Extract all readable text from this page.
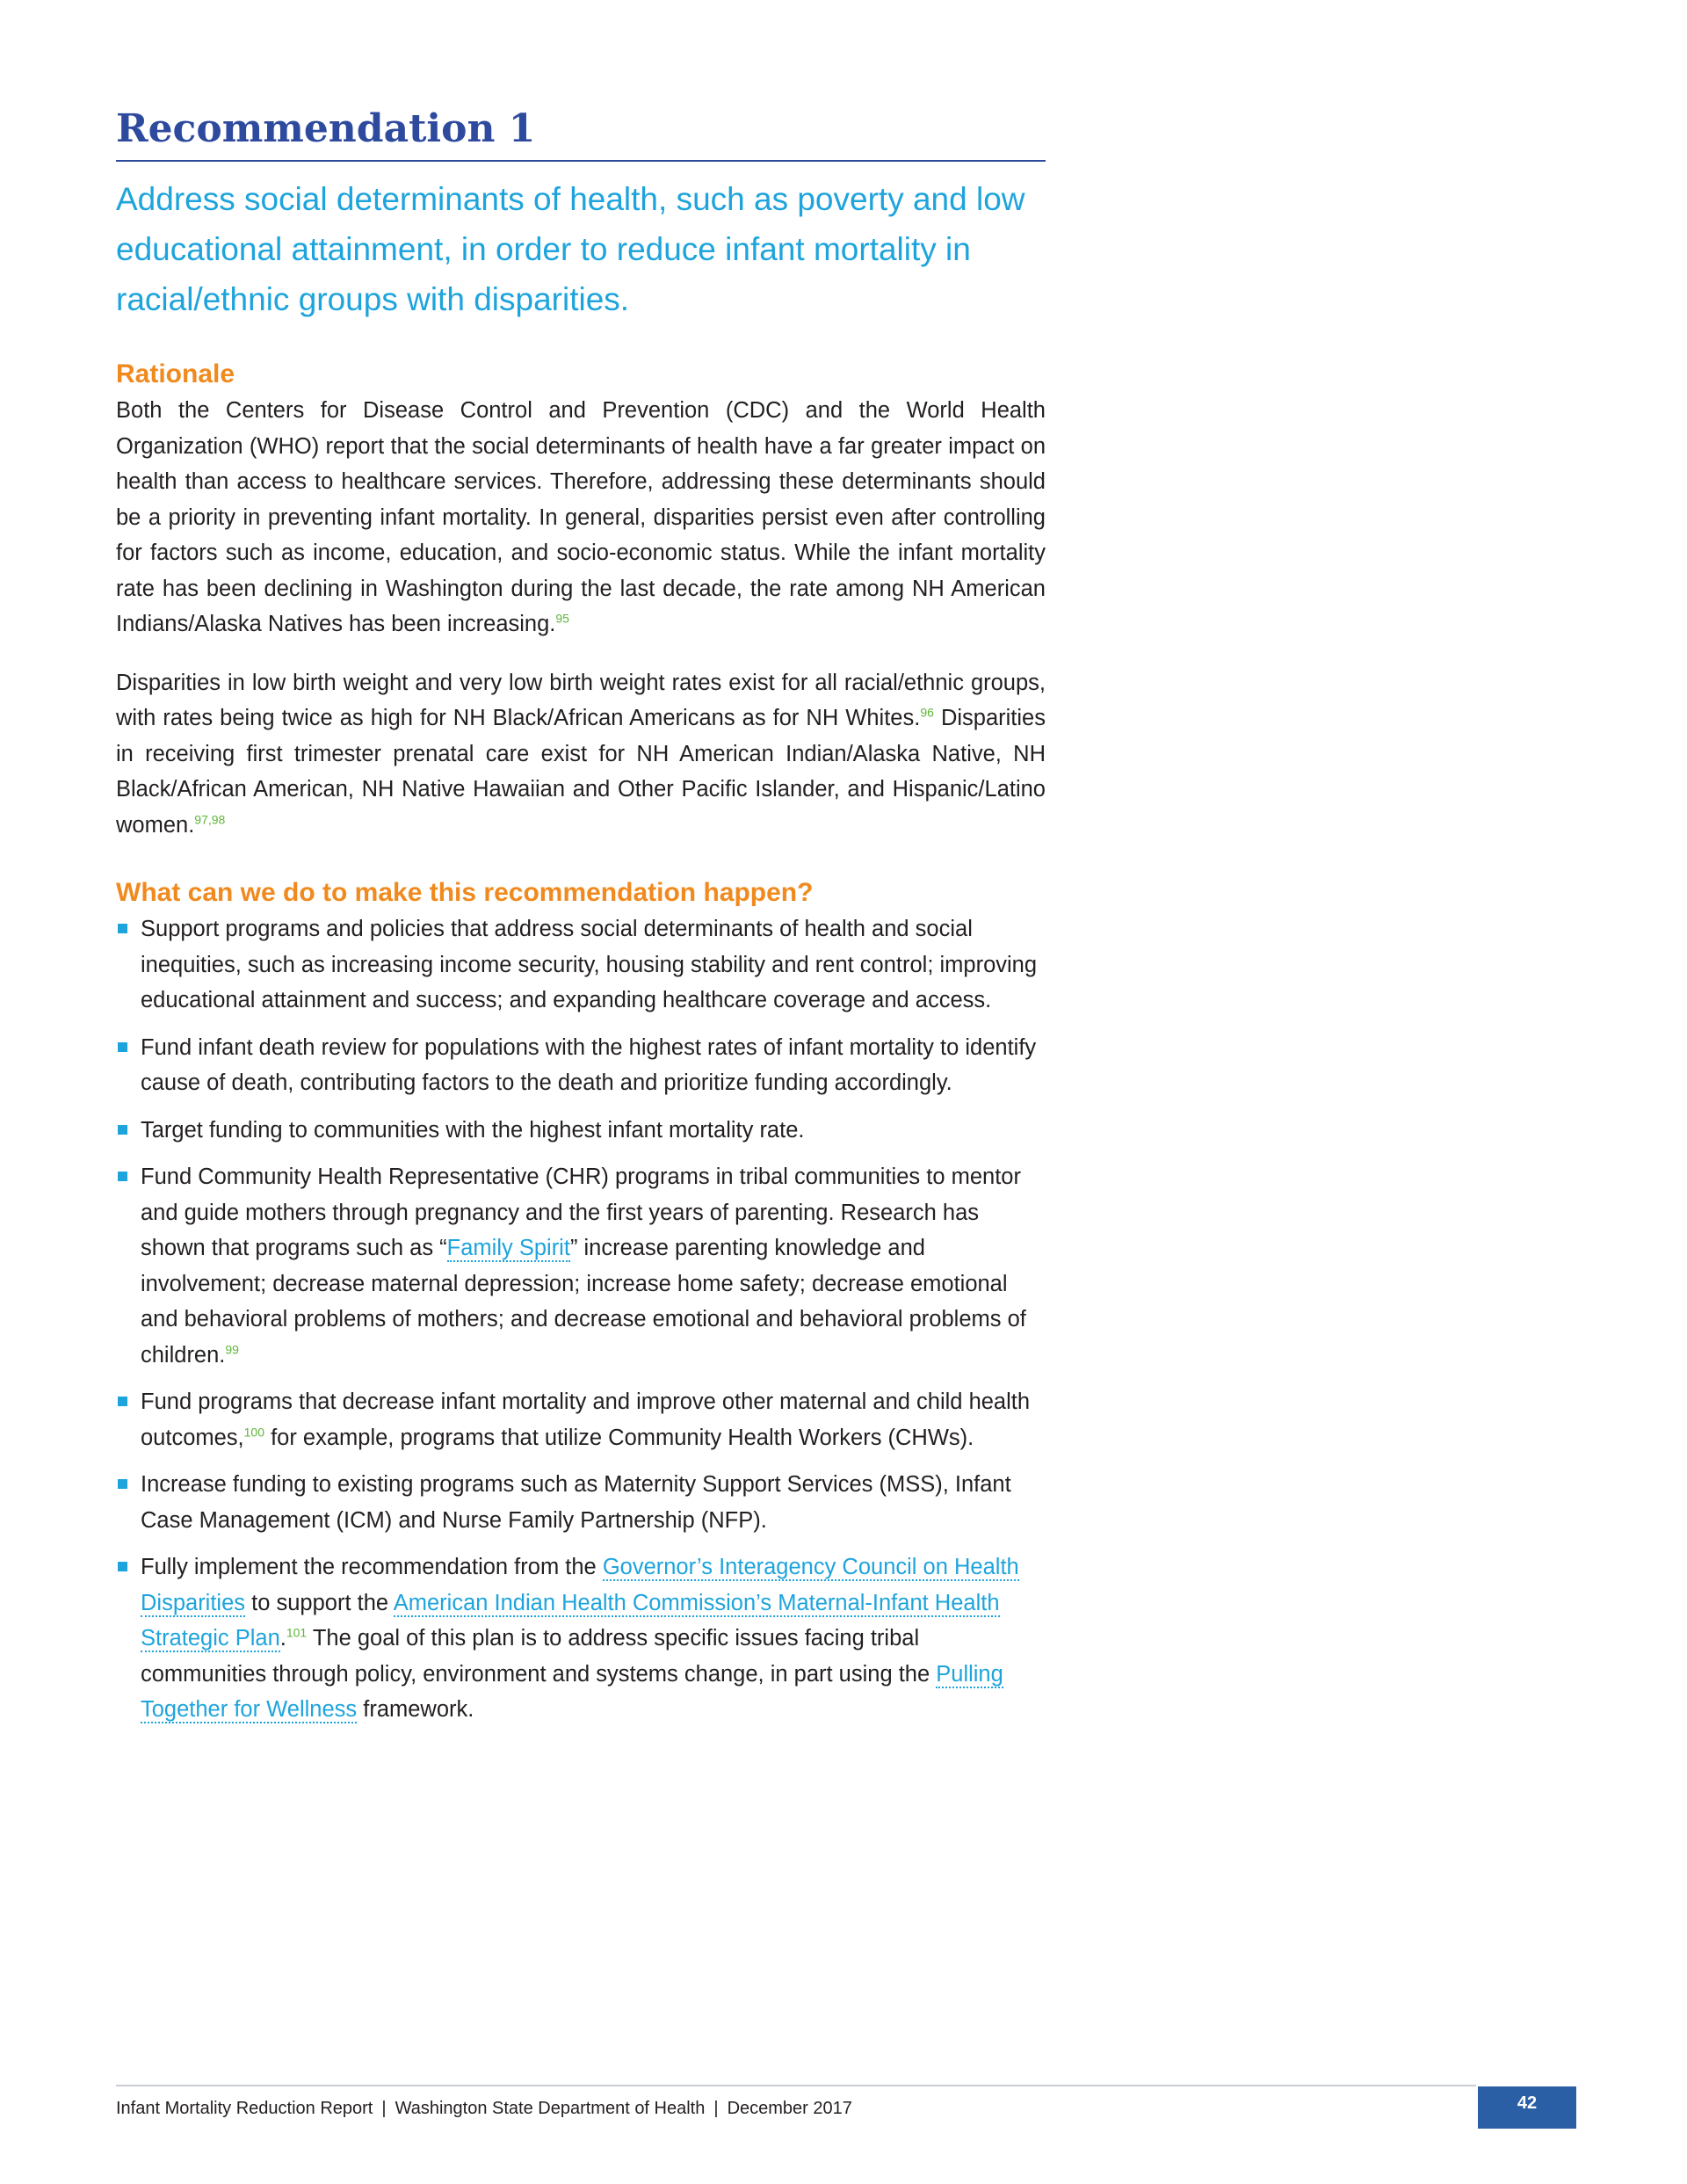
Recommendation 1
Address social determinants of health, such as poverty and low educational attainment, in order to reduce infant mortality in racial/ethnic groups with disparities.
Rationale

Both the Centers for Disease Control and Prevention (CDC) and the World Health Organization (WHO) report that the social determinants of health have a far greater impact on health than access to healthcare services. Therefore, addressing these determinants should be a priority in preventing infant mortality. In general, disparities persist even after controlling for factors such as income, education, and socio-economic status. While the infant mortality rate has been declining in Washington during the last decade, the rate among NH American Indians/Alaska Natives has been increasing.$^{95}$

Disparities in low birth weight and very low birth weight rates exist for all racial/ethnic groups, with rates being twice as high for NH Black/African Americans as for NH Whites.$^{96}$ Disparities in receiving first trimester prenatal care exist for NH American Indian/Alaska Native, NH Black/African American, NH Native Hawaiian and Other Pacific Islander, and Hispanic/Latino women.$^{97,98}$

What can we do to make this recommendation happen?
Support programs and policies that address social determinants of health and social inequities, such as increasing income security, housing stability and rent control; improving educational attainment and success; and expanding healthcare coverage and access.
Fund infant death review for populations with the highest rates of infant mortality to identify cause of death, contributing factors to the death and prioritize funding accordingly.
Target funding to communities with the highest infant mortality rate.
Fund Community Health Representative (CHR) programs in tribal communities to mentor and guide mothers through pregnancy and the first years of parenting. Research has shown that programs such as “Family Spirit” increase parenting knowledge and involvement; decrease maternal depression; increase home safety; decrease emotional and behavioral problems of mothers; and decrease emotional and behavioral problems of children.$^{99}$
Fund programs that decrease infant mortality and improve other maternal and child health outcomes,$^{100}$ for example, programs that utilize Community Health Workers (CHWs).
Increase funding to existing programs such as Maternity Support Services (MSS), Infant Case Management (ICM) and Nurse Family Partnership (NFP).
Fully implement the recommendation from the Governor’s Interagency Council on Health Disparities to support the American Indian Health Commission’s Maternal-Infant Health Strategic Plan.$^{101}$ The goal of this plan is to address specific issues facing tribal communities through policy, environment and systems change, in part using the Pulling Together for Wellness framework.
Infant Mortality Reduction Report | Washington State Department of Health | December 2017	42
